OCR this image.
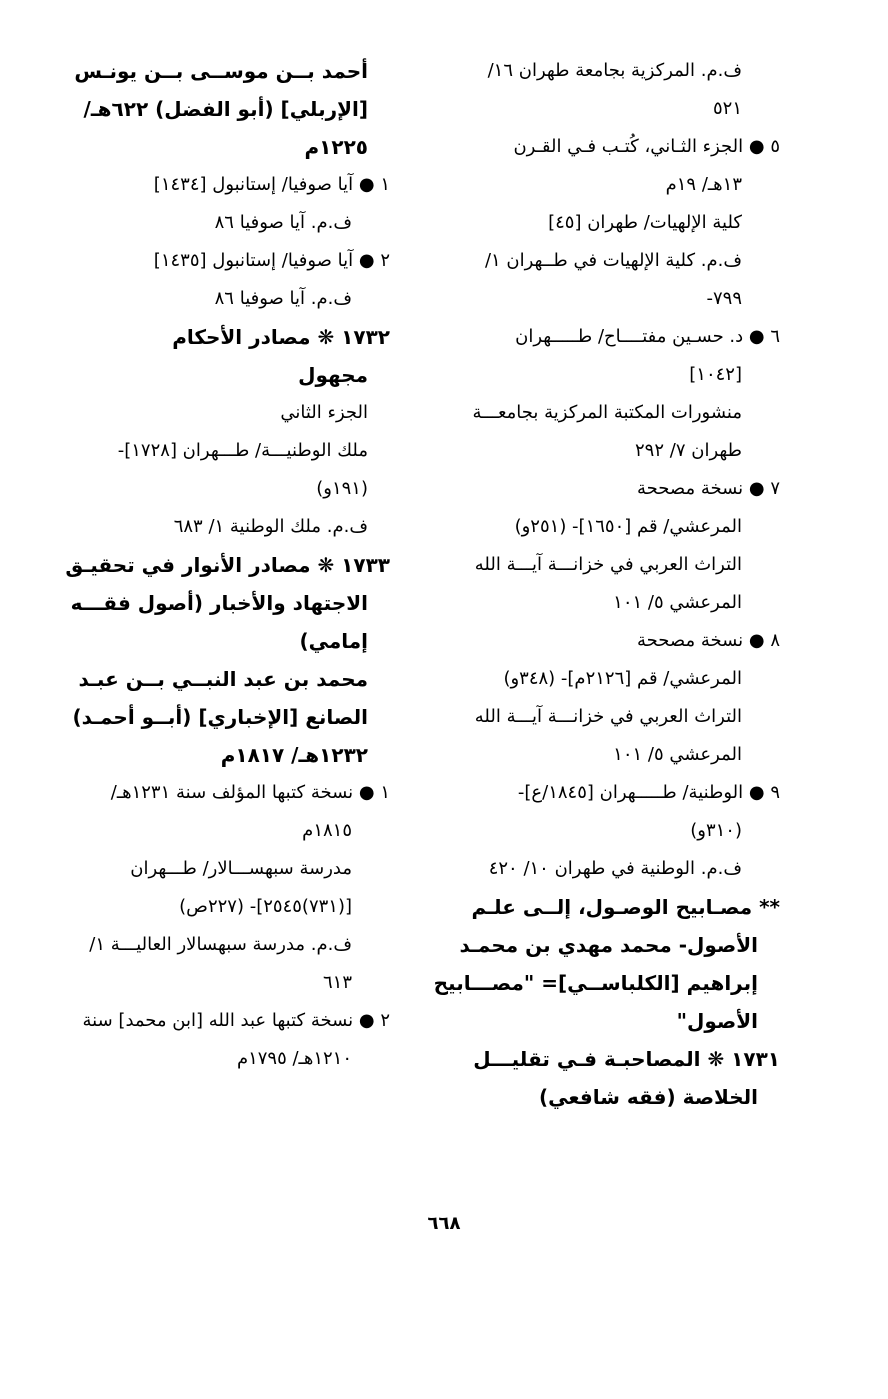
ف.م. المركزية بجامعة طهران ١٦/
٥٢١
٥ ● الجزء الثـاني، كُتـب فـي القـرن
١٣هـ/ ١٩م
كلية الإلهيات/ طهران [٤٥]
ف.م. كلية الإلهيات في طــهران ١/
٧٩٩-
٦ ● د. حسـين مفتــــاح/ طـــــهران
[١٠٤٢]
منشورات المكتبة المركزية بجامعـــة
طهران ٧/ ٢٩٢
٧ ● نسخة مصححة
المرعشي/ قم [١٦٥٠]- (٢٥١و)
التراث العربي في خزانـــة آيـــة الله
المرعشي ٥/ ١٠١
٨ ● نسخة مصححة
المرعشي/ قم [٢١٢٦م]- (٣٤٨و)
التراث العربي في خزانـــة آيـــة الله
المرعشي ٥/ ١٠١
٩ ● الوطنية/ طـــــهران [١٨٤٥/ع]-
(٣١٠و)
ف.م. الوطنية في طهران ١٠/ ٤٢٠
** مصـابيح الوصـول، إلــى علـم
الأصول- محمد مهدي بن محمـد
إبراهيم [الكلباســي]= "مصـــابيح
الأصول"
١٧٣١ ❋ المصاحبـة فـي تقليـــل
الخلاصة (فقه شافعي)
أحمد بــن موســى بــن يونـس
[الإربلي] (أبو الفضل) ٦٢٢هـ/
١٢٢٥م
١ ● آيا صوفيا/ إستانبول [١٤٣٤]
ف.م. آيا صوفيا ٨٦
٢ ● آيا صوفيا/ إستانبول [١٤٣٥]
ف.م. آيا صوفيا ٨٦
١٧٣٢ ❋ مصادر الأحكام
مجهول
الجزء الثاني
ملك الوطنيـــة/ طـــهران [١٧٢٨]-
(١٩١و)
ف.م. ملك الوطنية ١/ ٦٨٣
١٧٣٣ ❋ مصادر الأنوار في تحقيـق
الاجتهاد والأخبار (أصول فقـــه
إمامي)
محمد بن عبد النبــي بــن عبـد
الصانع [الإخباري] (أبــو أحمـد)
١٢٣٢هـ/ ١٨١٧م
١ ● نسخة كتبها المؤلف سنة ١٢٣١هـ/
١٨١٥م
مدرسة سبهســـالار/ طـــهران
[(٧٣١)٢٥٤٥]- (٢٢٧ص)
ف.م. مدرسة سبهسالار العاليـــة ١/
٦١٣
٢ ● نسخة كتبها عبد الله [ابن محمد] سنة
١٢١٠هـ/ ١٧٩٥م
٦٦٨
